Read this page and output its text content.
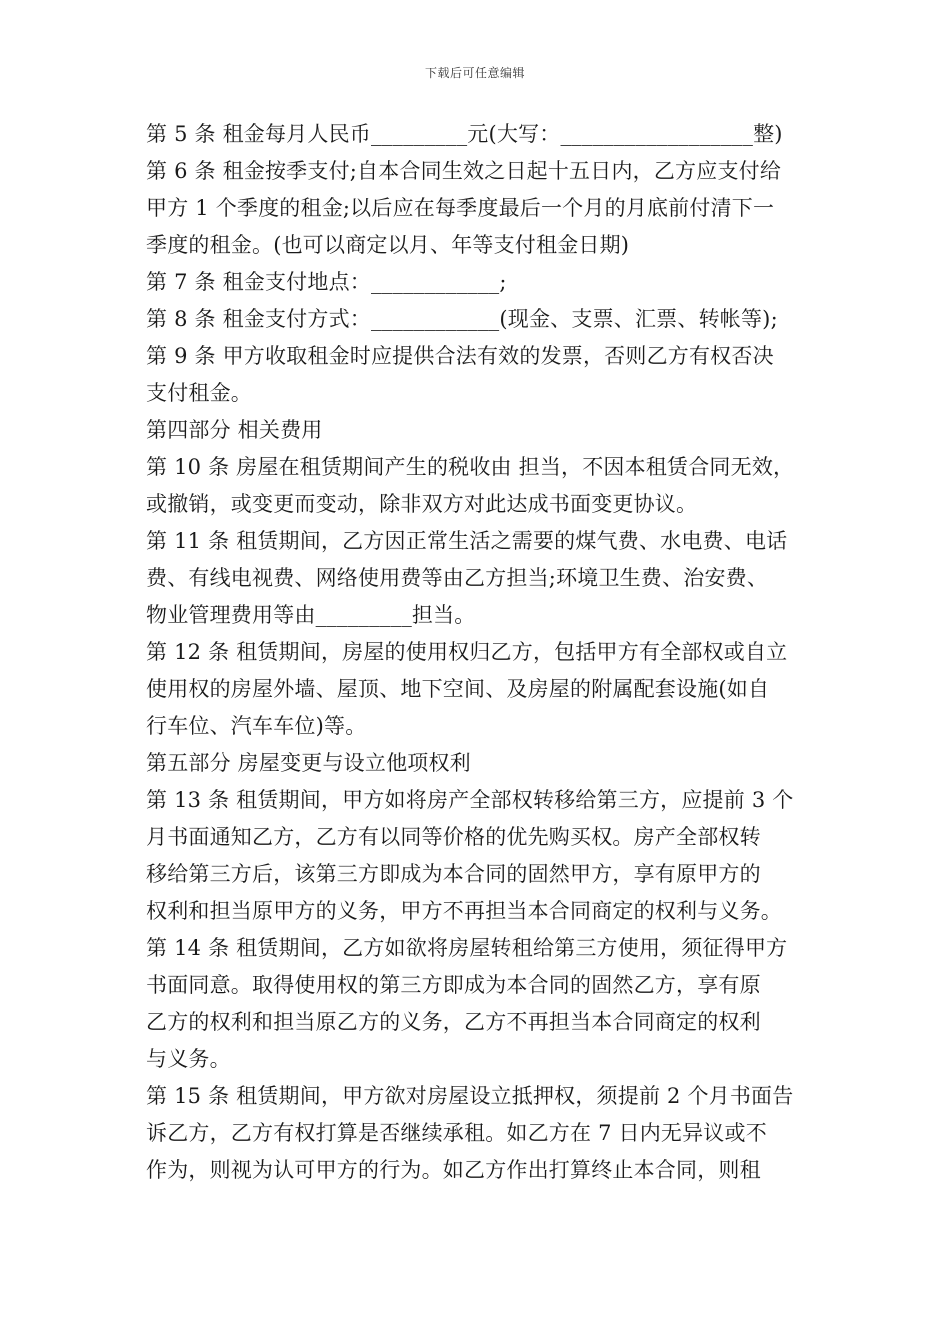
下载后可任意编辑
第 5 条 租金每月人民币_________元(大写：__________________整)
第 6 条 租金按季支付;自本合同生效之日起十五日内，乙方应支付给
甲方 1 个季度的租金;以后应在每季度最后一个月的月底前付清下一
季度的租金。(也可以商定以月、年等支付租金日期)
第 7 条 租金支付地点：____________;
第 8 条 租金支付方式：____________(现金、支票、汇票、转帐等);
第 9 条 甲方收取租金时应提供合法有效的发票，否则乙方有权否决
支付租金。
第四部分 相关费用
第 10 条 房屋在租赁期间产生的税收由 担当，不因本租赁合同无效，
或撤销，或变更而变动，除非双方对此达成书面变更协议。
第 11 条 租赁期间，乙方因正常生活之需要的煤气费、水电费、电话
费、有线电视费、网络使用费等由乙方担当;环境卫生费、治安费、
物业管理费用等由_________担当。
第 12 条 租赁期间，房屋的使用权归乙方，包括甲方有全部权或自立
使用权的房屋外墙、屋顶、地下空间、及房屋的附属配套设施(如自
行车位、汽车车位)等。
第五部分 房屋变更与设立他项权利
第 13 条 租赁期间，甲方如将房产全部权转移给第三方，应提前 3 个
月书面通知乙方，乙方有以同等价格的优先购买权。房产全部权转
移给第三方后，该第三方即成为本合同的固然甲方，享有原甲方的
权利和担当原甲方的义务，甲方不再担当本合同商定的权利与义务。
第 14 条 租赁期间，乙方如欲将房屋转租给第三方使用，须征得甲方
书面同意。取得使用权的第三方即成为本合同的固然乙方，享有原
乙方的权利和担当原乙方的义务，乙方不再担当本合同商定的权利
与义务。
第 15 条 租赁期间，甲方欲对房屋设立抵押权，须提前 2 个月书面告
诉乙方，乙方有权打算是否继续承租。如乙方在 7 日内无异议或不
作为，则视为认可甲方的行为。如乙方作出打算终止本合同，则租
